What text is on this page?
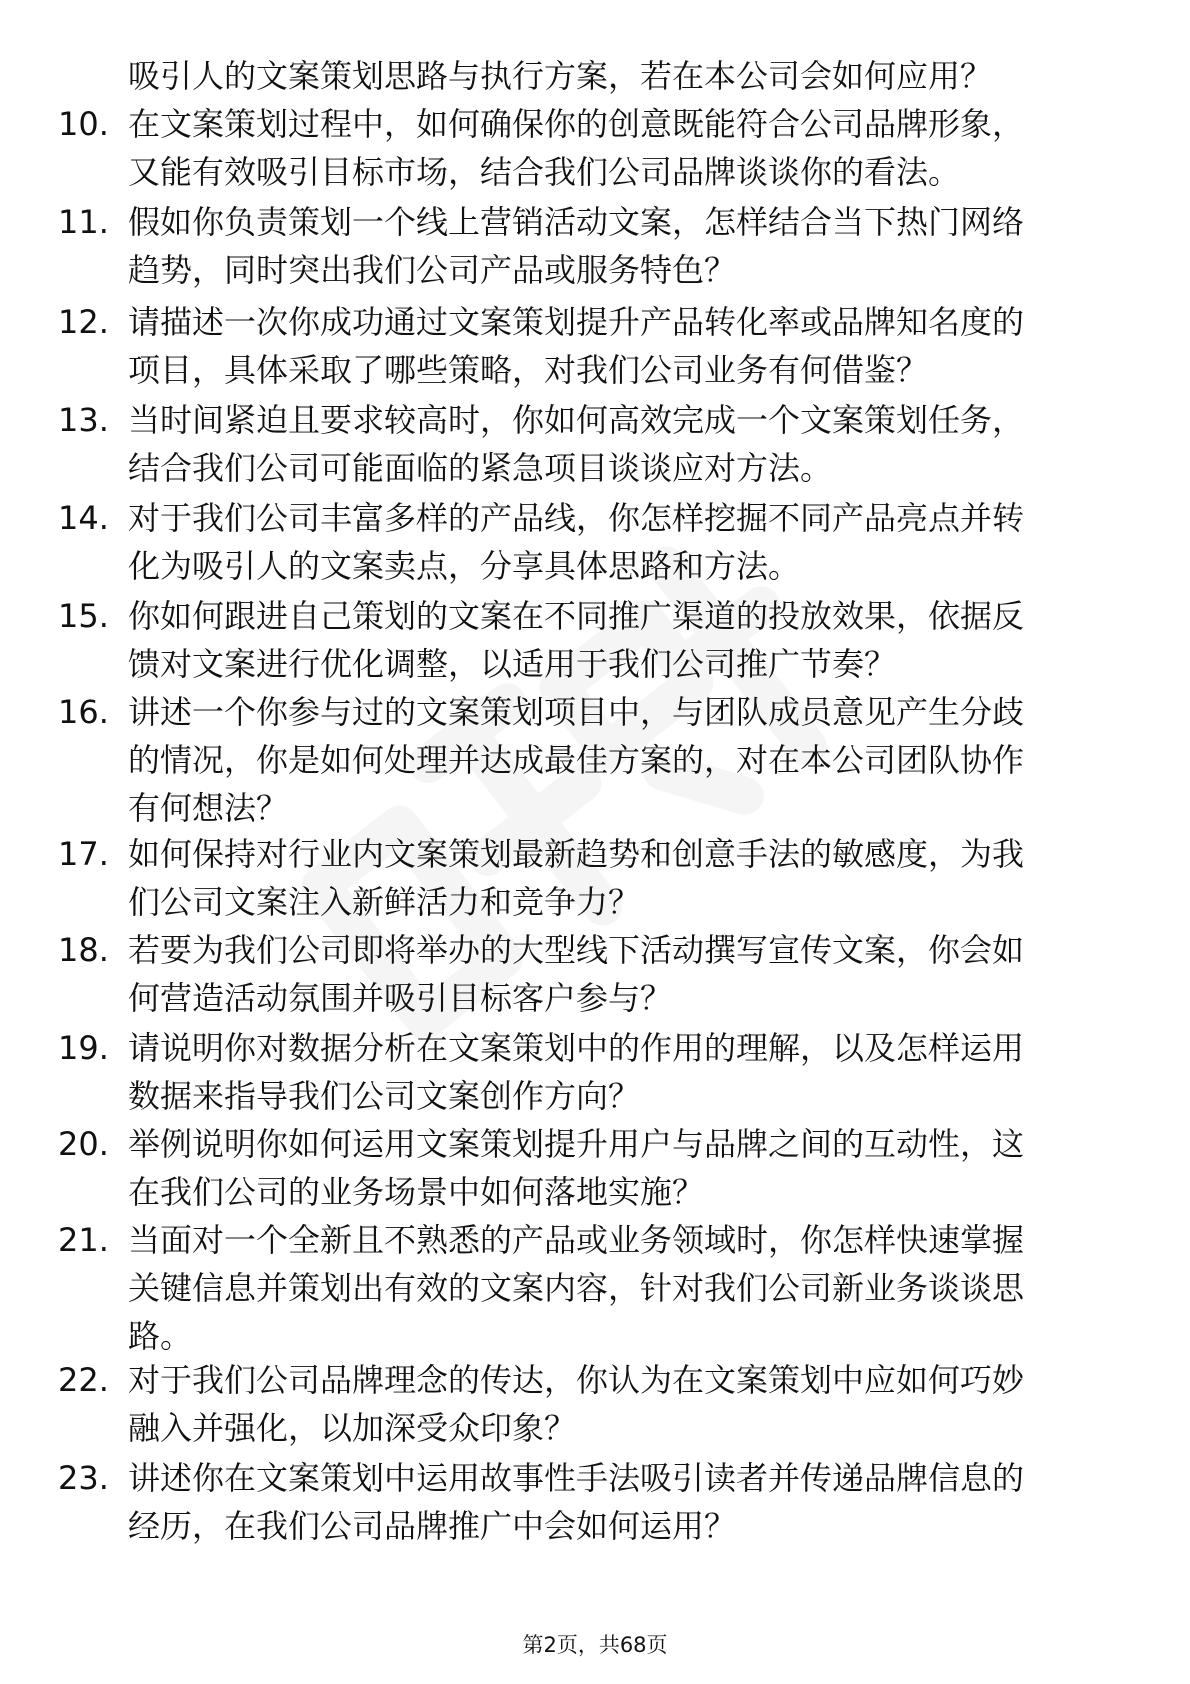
吸引人的文案策划思路与执行方案，若在本公司会如何应用？
10. 在文案策划过程中，如何确保你的创意既能符合公司品牌形象，
又能有效吸引目标市场，结合我们公司品牌谈谈你的看法。
11. 假如你负责策划一个线上营销活动文案，怎样结合当下热门网络
趋势，同时突出我们公司产品或服务特色？
12. 请描述一次你成功通过文案策划提升产品转化率或品牌知名度的
项目，具体采取了哪些策略，对我们公司业务有何借鉴？
13. 当时间紧迫且要求较高时，你如何高效完成一个文案策划任务，
结合我们公司可能面临的紧急项目谈谈应对方法。
14. 对于我们公司丰富多样的产品线，你怎样挖掘不同产品亮点并转
化为吸引人的文案卖点，分享具体思路和方法。
15. 你如何跟进自己策划的文案在不同推广渠道的投放效果，依据反
馈对文案进行优化调整，以适用于我们公司推广节奏？
16. 讲述一个你参与过的文案策划项目中，与团队成员意见产生分歧
的情况，你是如何处理并达成最佳方案的，对在本公司团队协作
有何想法？
17. 如何保持对行业内文案策划最新趋势和创意手法的敏感度，为我
们公司文案注入新鲜活力和竞争力？
18. 若要为我们公司即将举办的大型线下活动撰写宣传文案，你会如
何营造活动氛围并吸引目标客户参与？
19. 请说明你对数据分析在文案策划中的作用的理解，以及怎样运用
数据来指导我们公司文案创作方向？
20. 举例说明你如何运用文案策划提升用户与品牌之间的互动性，这
在我们公司的业务场景中如何落地实施？
21. 当面对一个全新且不熟悉的产品或业务领域时，你怎样快速掌握
关键信息并策划出有效的文案内容，针对我们公司新业务谈谈思
路。
22. 对于我们公司品牌理念的传达，你认为在文案策划中应如何巧妙
融入并强化，以加深受众印象？
23. 讲述你在文案策划中运用故事性手法吸引读者并传递品牌信息的
经历，在我们公司品牌推广中会如何运用？
第2页，共68页
